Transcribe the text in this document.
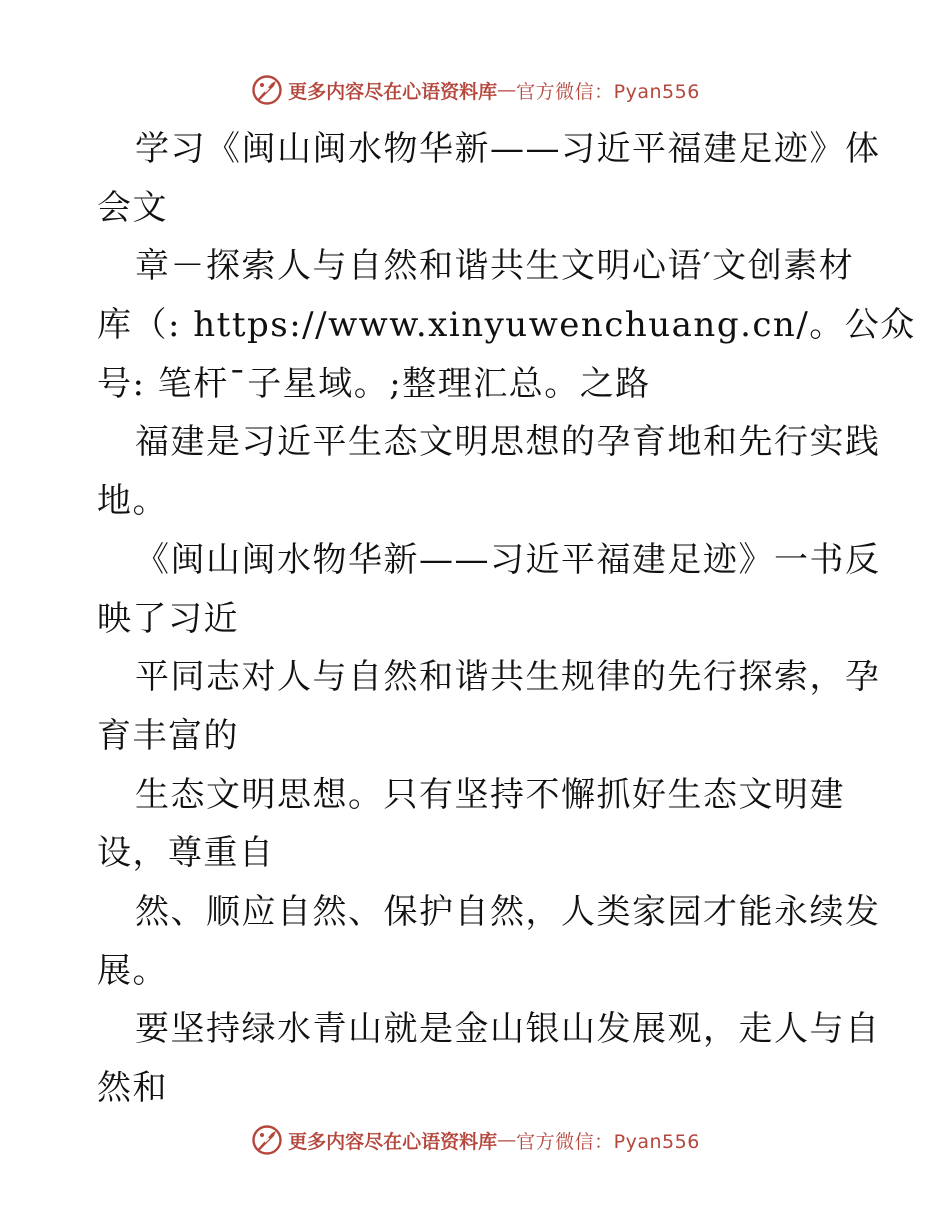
更多内容尽在心语资料库 — 官方微信：Pyan556
学习《闽山闽水物华新——习近平福建足迹》体
会文
章－探索人与自然和谐共生文明心语′文创素材
库（: https://www.xinyuwenchuang.cn/。公众
号: 笔杆¯子星域。;整理汇总。之路
福建是习近平生态文明思想的孕育地和先行实践
地。
《闽山闽水物华新——习近平福建足迹》一书反
映了习近
平同志对人与自然和谐共生规律的先行探索，孕
育丰富的
生态文明思想。只有坚持不懈抓好生态文明建
设，尊重自
然、顺应自然、保护自然，人类家园才能永续发
展。
要坚持绿水青山就是金山银山发展观，走人与自
然和
更多内容尽在心语资料库 — 官方微信：Pyan556
